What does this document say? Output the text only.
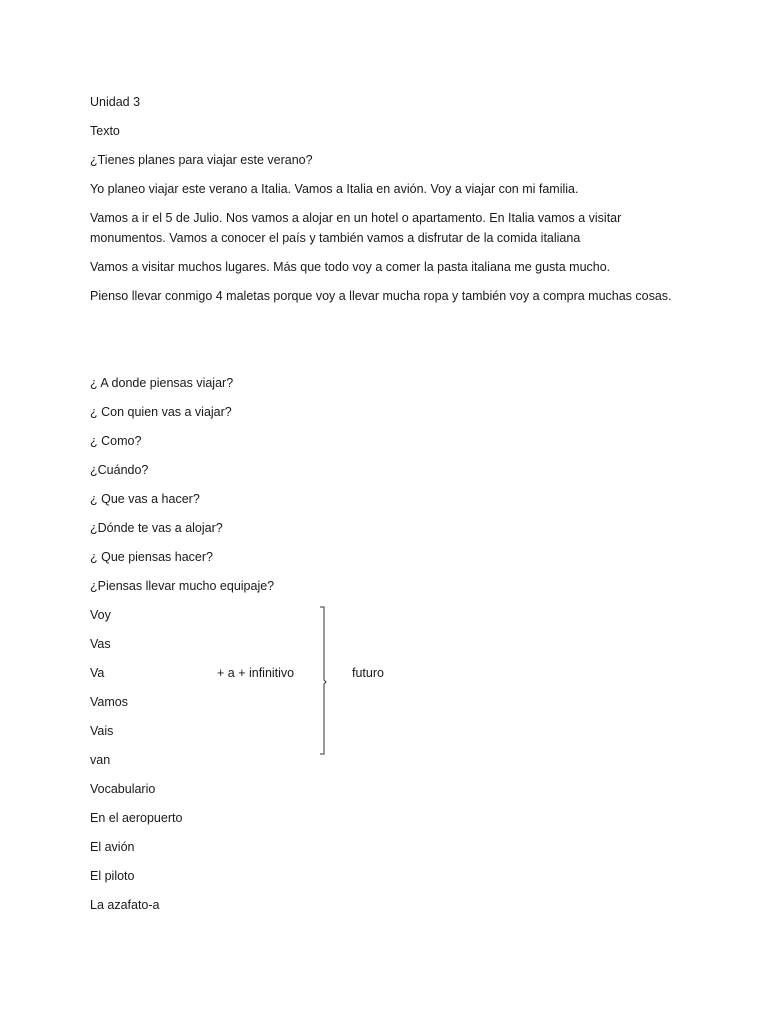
Unidad 3
Texto
¿Tienes planes para viajar este verano?
Yo planeo viajar este verano a Italia. Vamos a Italia en avión. Voy a viajar con mi familia.
Vamos a ir el 5 de Julio. Nos vamos a alojar en un hotel o apartamento. En Italia vamos a visitar monumentos. Vamos a conocer el país y también vamos a disfrutar de la comida italiana
Vamos a visitar muchos lugares. Más que todo voy a comer la pasta italiana me gusta mucho.
Pienso llevar conmigo 4 maletas porque voy a llevar mucha ropa y también voy a compra muchas cosas.
¿ A donde piensas viajar?
¿ Con quien vas a viajar?
¿ Como?
¿Cuándo?
¿ Que vas a hacer?
¿Dónde te vas a alojar?
¿ Que piensas hacer?
¿Piensas llevar mucho equipaje?
Voy
Vas
Va
Vamos
Vais
van
+ a + infinitivo	futuro
Vocabulario
En el aeropuerto
El avión
El piloto
La azafato-a
